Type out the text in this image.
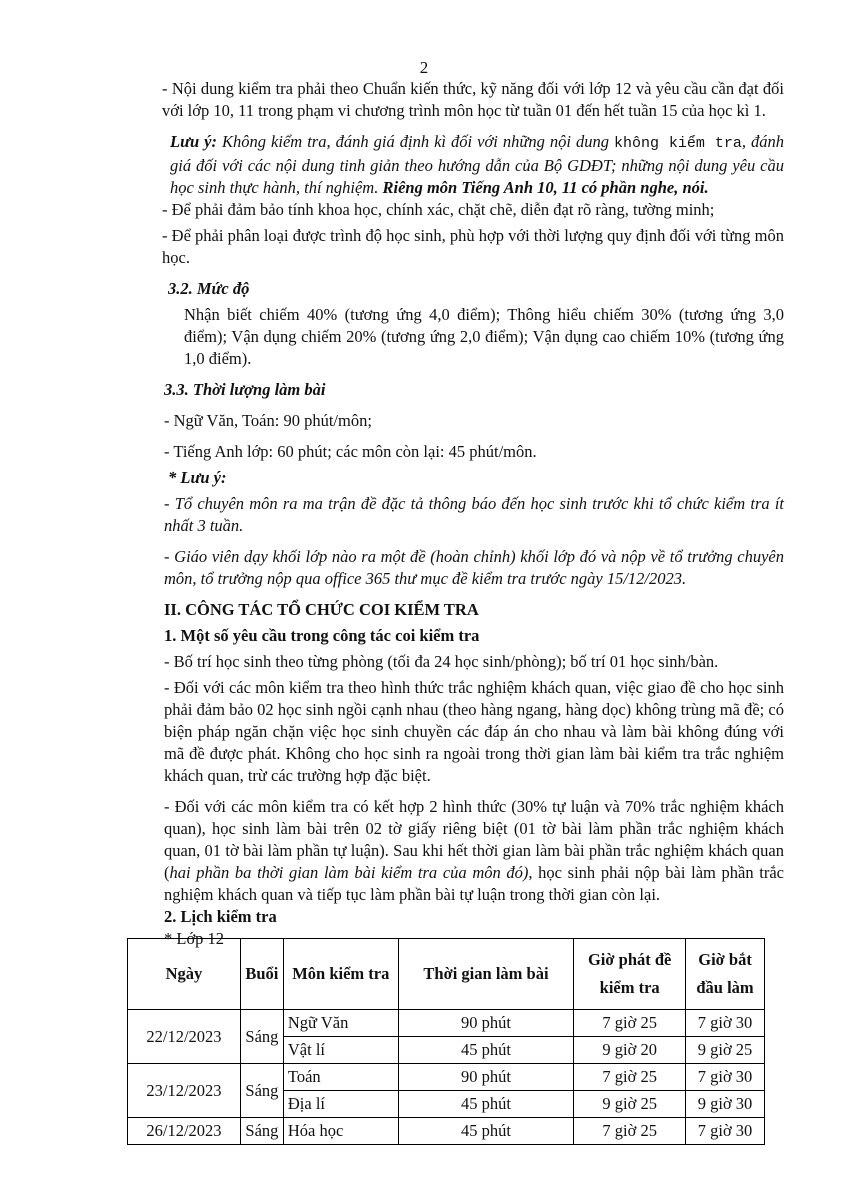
2

- Nội dung kiểm tra phải theo Chuẩn kiến thức, kỹ năng đối với lớp 12 và yêu cầu cần đạt đối với lớp 10, 11 trong phạm vi chương trình môn học từ tuần 01 đến hết tuần 15 của học kì 1.

Lưu ý: Không kiểm tra, đánh giá định kì đối với những nội dung không kiểm tra, đánh giá đối với các nội dung tinh giản theo hướng dẫn của Bộ GDĐT; những nội dung yêu cầu học sinh thực hành, thí nghiệm. Riêng môn Tiếng Anh 10, 11 có phần nghe, nói.

- Để phải đảm bảo tính khoa học, chính xác, chặt chẽ, diễn đạt rõ ràng, tường minh;

- Để phải phân loại được trình độ học sinh, phù hợp với thời lượng quy định đối với từng môn học.

3.2. Mức độ

Nhận biết chiếm 40% (tương ứng 4,0 điểm); Thông hiểu chiếm 30% (tương ứng 3,0 điểm); Vận dụng chiếm 20% (tương ứng 2,0 điểm); Vận dụng cao chiếm 10% (tương ứng 1,0 điểm).

3.3. Thời lượng làm bài

- Ngữ Văn, Toán: 90 phút/môn;

- Tiếng Anh lớp: 60 phút; các môn còn lại: 45 phút/môn.

* Lưu ý:

- Tổ chuyên môn ra ma trận đề đặc tả thông báo đến học sinh trước khi tổ chức kiểm tra ít nhất 3 tuần.

- Giáo viên dạy khối lớp nào ra một đề (hoàn chỉnh) khối lớp đó và nộp về tổ trưởng chuyên môn, tổ trưởng nộp qua office 365 thư mục đề kiểm tra trước ngày 15/12/2023.

II. CÔNG TÁC TỔ CHỨC COI KIỂM TRA

1. Một số yêu cầu trong công tác coi kiểm tra

- Bố trí học sinh theo từng phòng (tối đa 24 học sinh/phòng); bố trí 01 học sinh/bàn.

- Đối với các môn kiểm tra theo hình thức trắc nghiệm khách quan, việc giao đề cho học sinh phải đảm bảo 02 học sinh ngồi cạnh nhau (theo hàng ngang, hàng dọc) không trùng mã đề; có biện pháp ngăn chặn việc học sinh chuyền các đáp án cho nhau và làm bài không đúng với mã đề được phát. Không cho học sinh ra ngoài trong thời gian làm bài kiểm tra trắc nghiệm khách quan, trừ các trường hợp đặc biệt.

- Đối với các môn kiểm tra có kết hợp 2 hình thức (30% tự luận và 70% trắc nghiệm khách quan), học sinh làm bài trên 02 tờ giấy riêng biệt (01 tờ bài làm phần trắc nghiệm khách quan, 01 tờ bài làm phần tự luận). Sau khi hết thời gian làm bài phần trắc nghiệm khách quan (hai phần ba thời gian làm bài kiểm tra của môn đó), học sinh phải nộp bài làm phần trắc nghiệm khách quan và tiếp tục làm phần bài tự luận trong thời gian còn lại.

2. Lịch kiểm tra

* Lớp 12

Ngày	Buổi	Môn kiểm tra	Thời gian làm bài	Giờ phát đề kiểm tra	Giờ bắt đầu làm
22/12/2023	Sáng	Ngữ Văn	90 phút	7 giờ 25	7 giờ 30
		Vật lí	45 phút	9 giờ 20	9 giờ 25
23/12/2023	Sáng	Toán	90 phút	7 giờ 25	7 giờ 30
		Địa lí	45 phút	9 giờ 25	9 giờ 30
26/12/2023	Sáng	Hóa học	45 phút	7 giờ 25	7 giờ 30
